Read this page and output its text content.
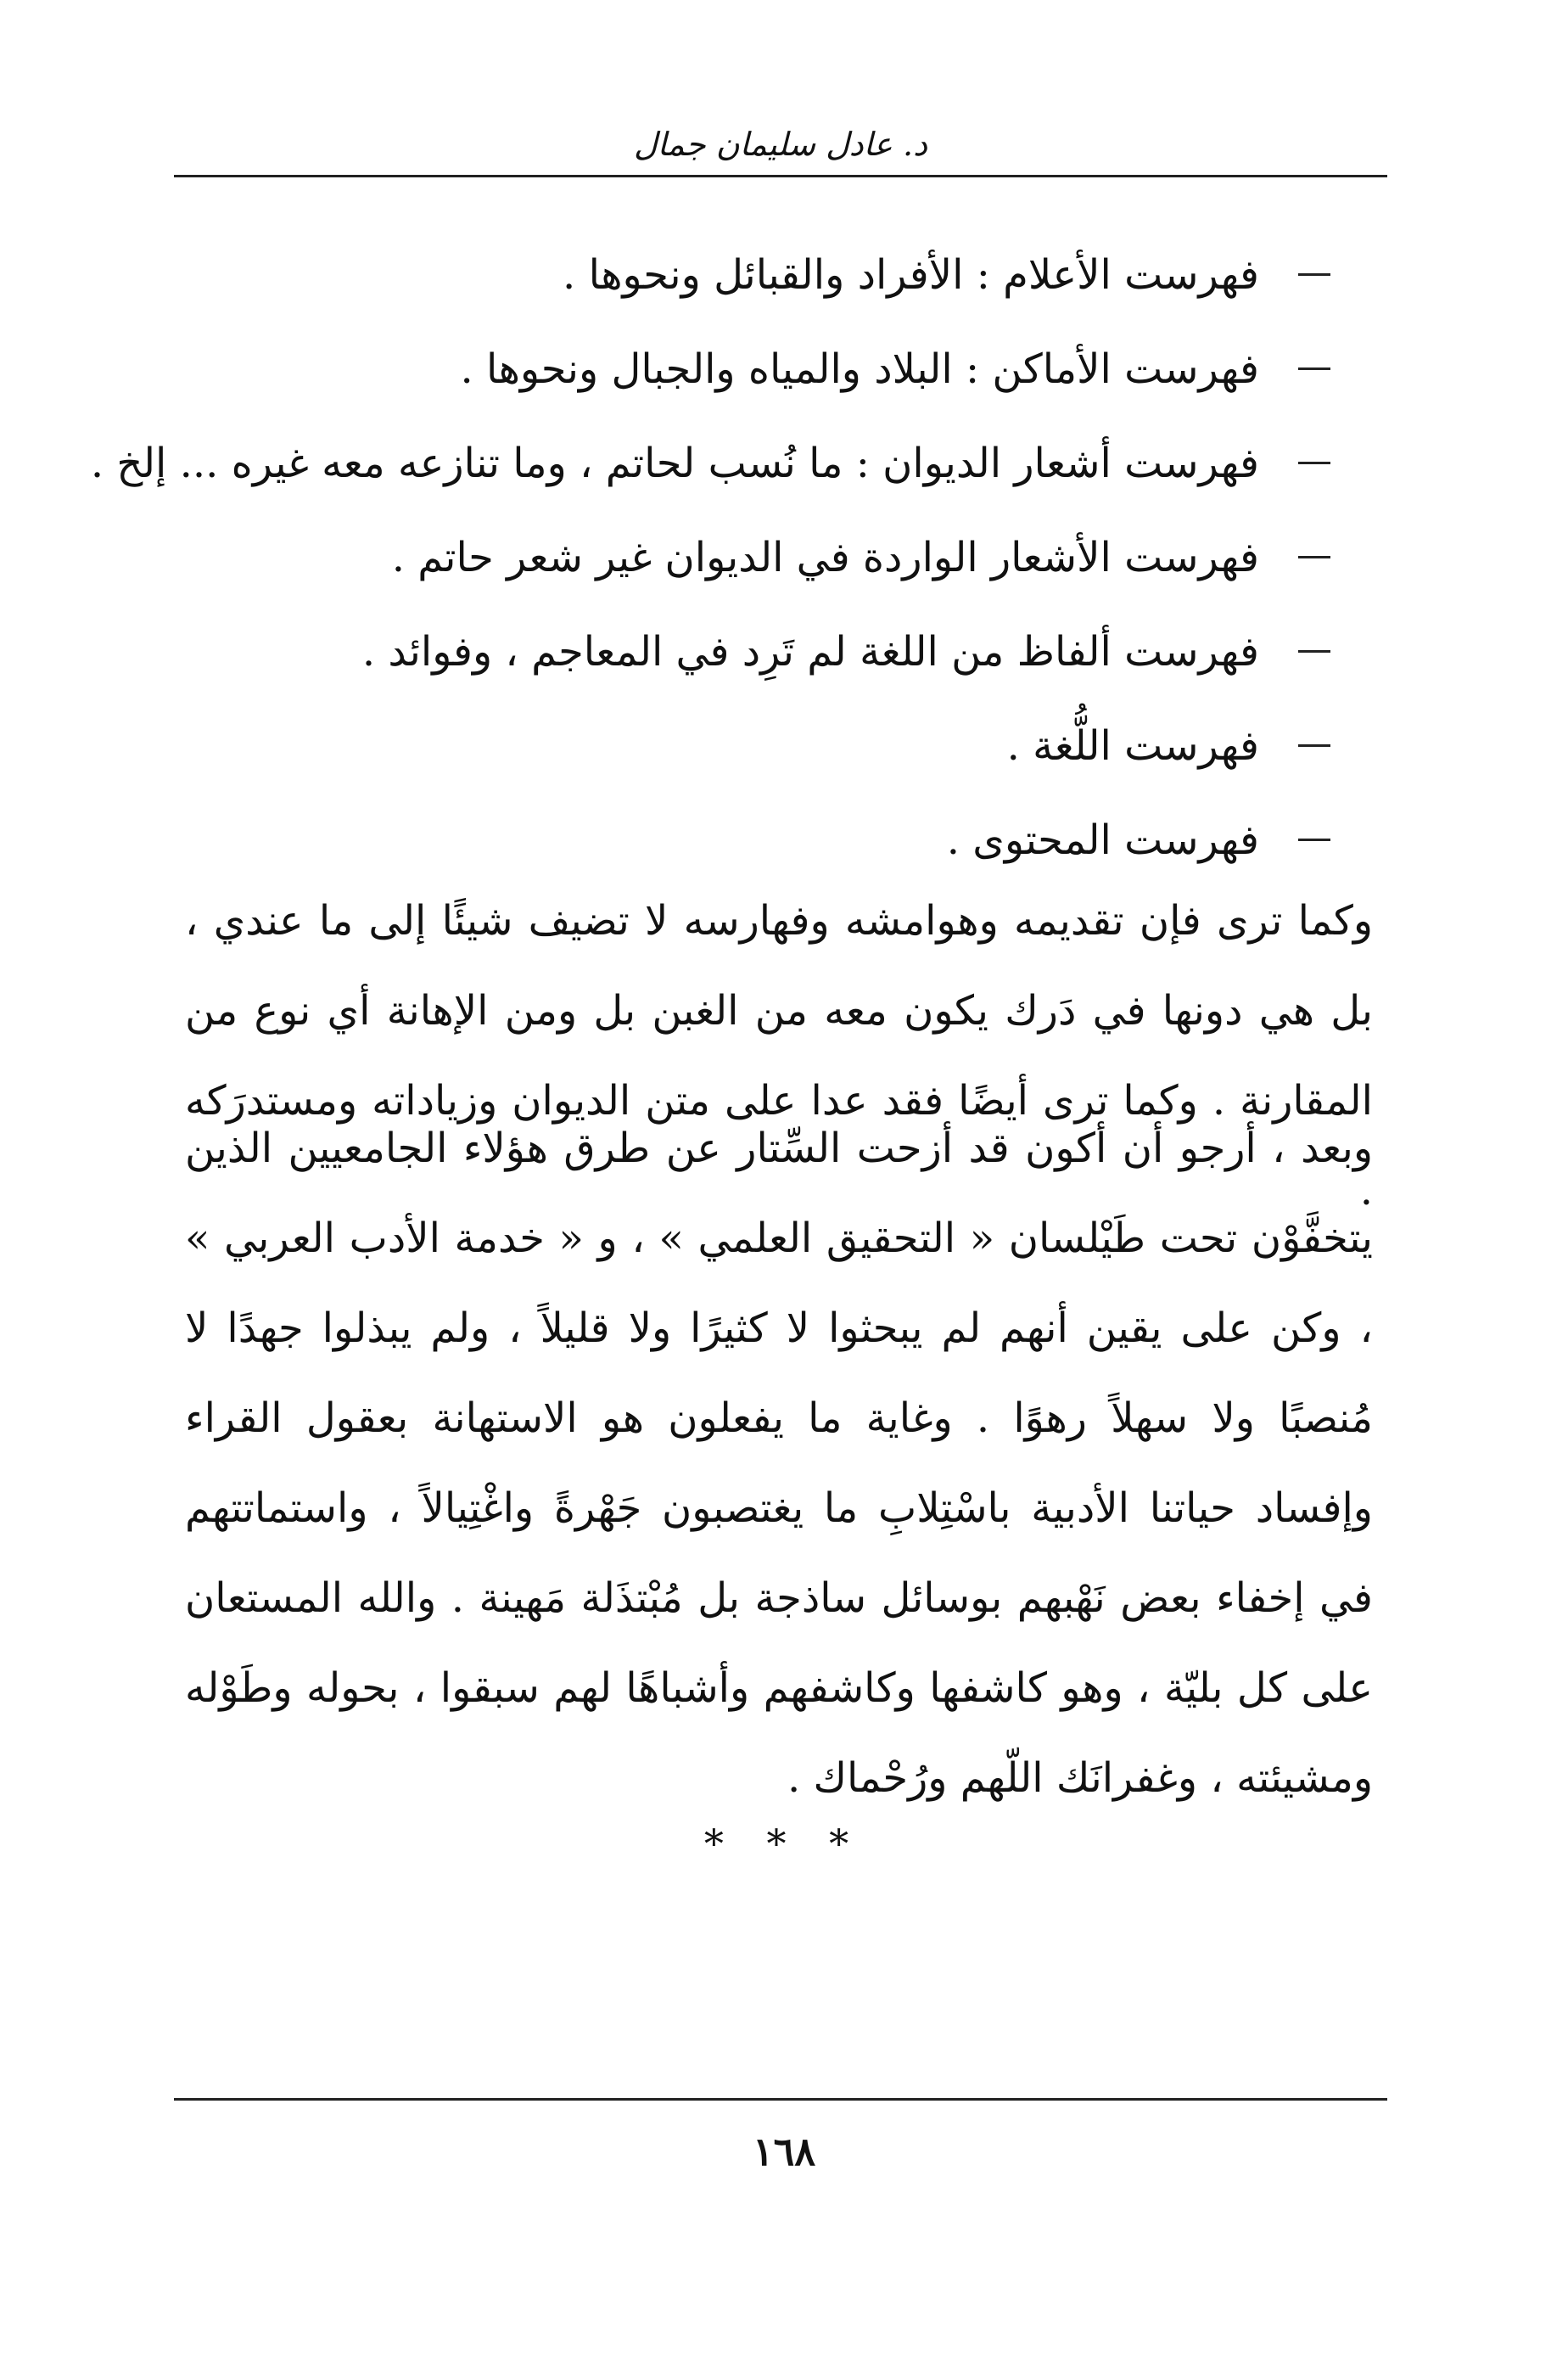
د. عادل سليمان جمال
فهرست الأعلام : الأفراد والقبائل ونحوها .
فهرست الأماكن : البلاد والمياه والجبال ونحوها .
فهرست أشعار الديوان : ما نُسب لحاتم ، وما تنازعه معه غيره ... إلخ .
فهرست الأشعار الواردة في الديوان غير شعر حاتم .
فهرست ألفاظ من اللغة لم تَرِد في المعاجم ، وفوائد .
فهرست اللُّغة .
فهرست المحتوى .

وكما ترى فإن تقديمه وهوامشه وفهارسه لا تضيف شيئًا إلى ما عندي ، بل هي دونها في دَرك يكون معه من الغبن بل ومن الإهانة أي نوع من المقارنة . وكما ترى أيضًا فقد عدا على متن الديوان وزياداته ومستدرَكه .

وبعد ، أرجو أن أكون قد أزحت السِّتار عن طرق هؤلاء الجامعيين الذين يتخفَّوْن تحت طَيْلسان « التحقيق العلمي » ، و « خدمة الأدب العربي » ، وكن على يقين أنهم لم يبحثوا لا كثيرًا ولا قليلاً ، ولم يبذلوا جهدًا لا مُنصبًا ولا سهلاً رهوًا . وغاية ما يفعلون هو الاستهانة بعقول القراء وإفساد حياتنا الأدبية باسْتِلابِ ما يغتصبون جَهْرةً واغْتِيالاً ، واستماتتهم في إخفاء بعض نَهْبهم بوسائل ساذجة بل مُبْتذَلة مَهينة . والله المستعان على كل بليّة ، وهو كاشفها وكاشفهم وأشباهًا لهم سبقوا ، بحوله وطَوْله ومشيئته ، وغفرانَك اللّهم ورُحْماك .

* * *
١٦٨
